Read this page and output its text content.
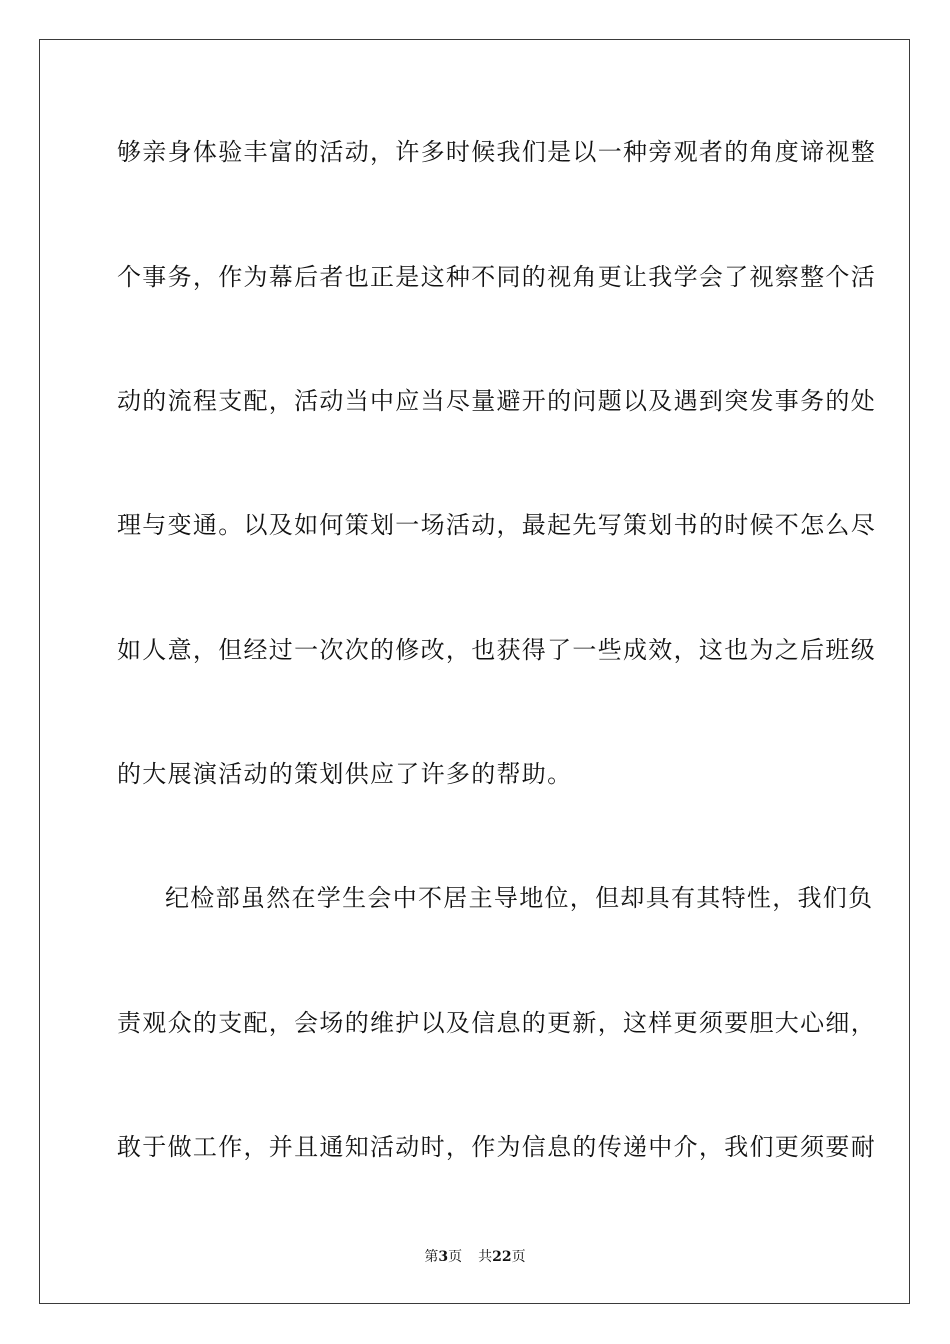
够亲身体验丰富的活动，许多时候我们是以一种旁观者的角度谛视整
个事务，作为幕后者也正是这种不同的视角更让我学会了视察整个活
动的流程支配，活动当中应当尽量避开的问题以及遇到突发事务的处
理与变通。以及如何策划一场活动，最起先写策划书的时候不怎么尽
如人意，但经过一次次的修改，也获得了一些成效，这也为之后班级
的大展演活动的策划供应了许多的帮助。
纪检部虽然在学生会中不居主导地位，但却具有其特性，我们负
责观众的支配，会场的维护以及信息的更新，这样更须要胆大心细，
敢于做工作，并且通知活动时，作为信息的传递中介，我们更须要耐
第3页 共22页
